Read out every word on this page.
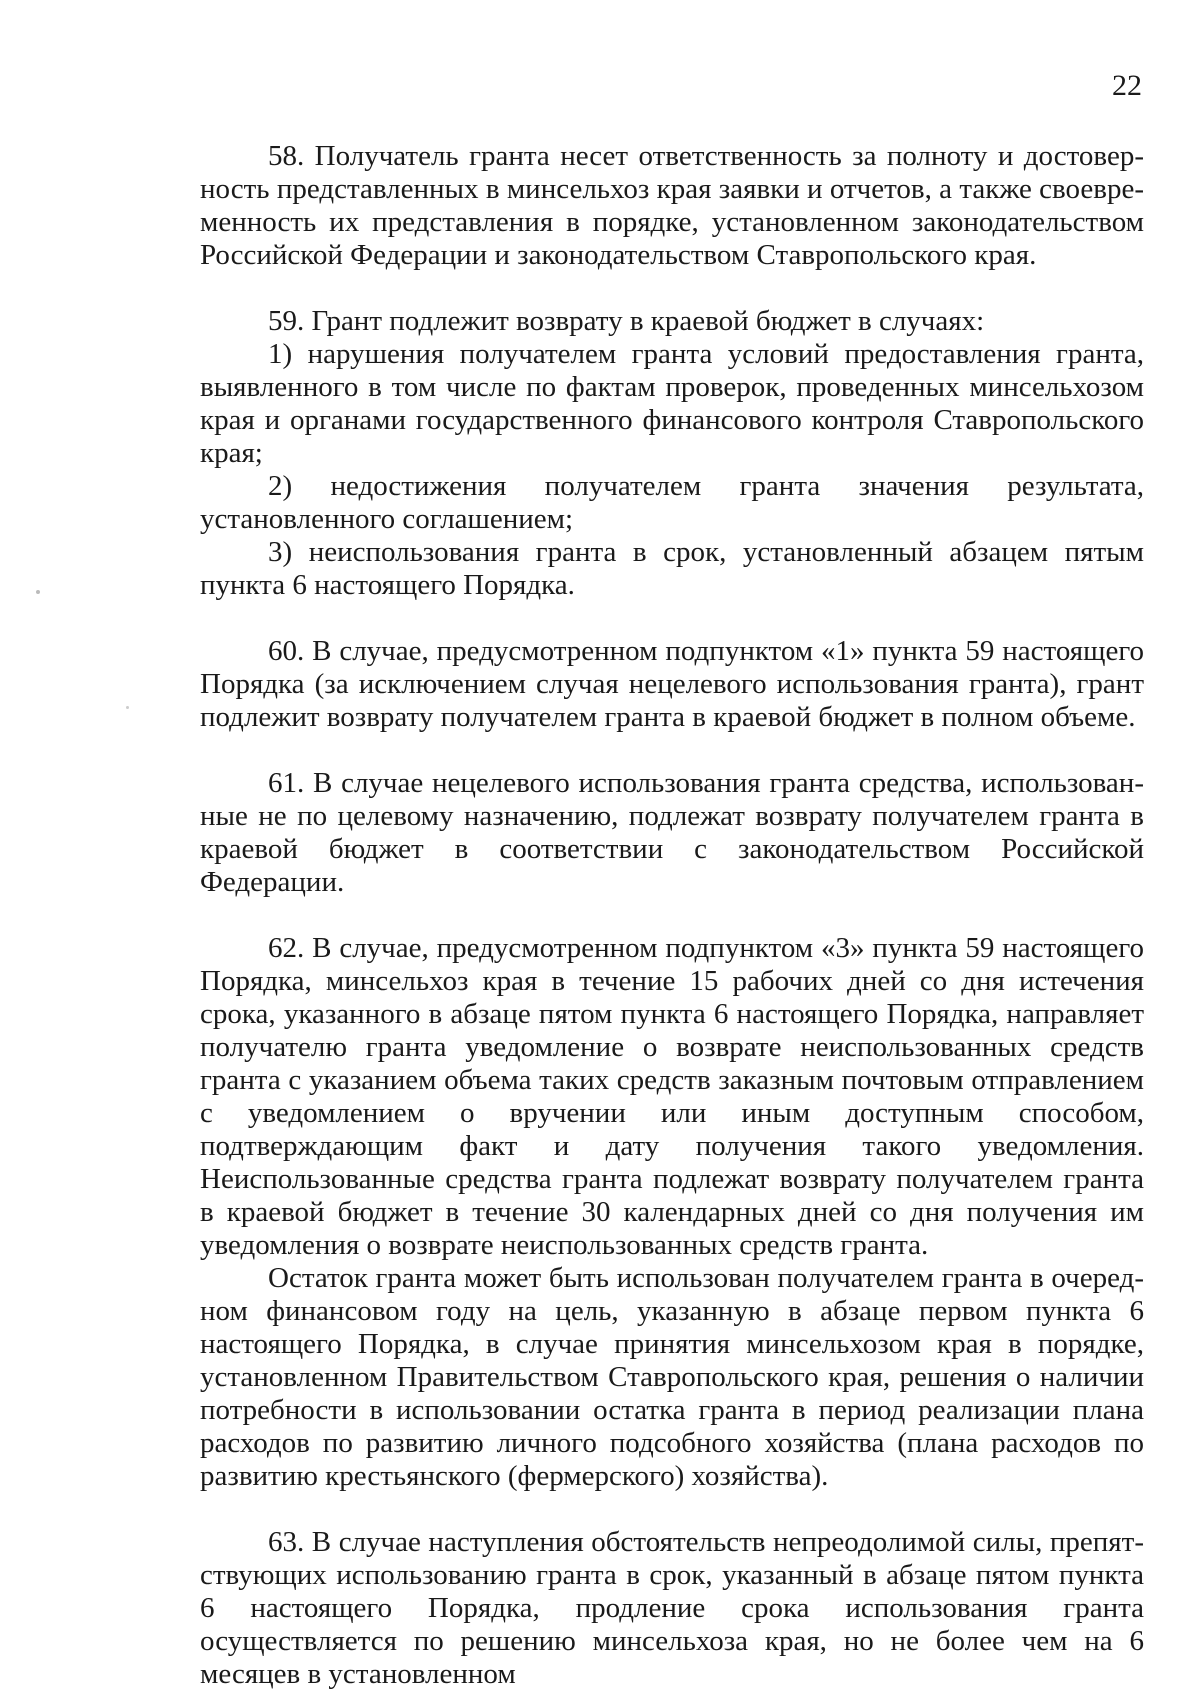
22

58. Получатель гранта несет ответственность за полноту и достоверность представленных в минсельхоз края заявки и отчетов, а также своевременность их представления в порядке, установленном законодательством Российской Федерации и законодательством Ставропольского края.

59. Грант подлежит возврату в краевой бюджет в случаях:

1) нарушения получателем гранта условий предоставления гранта, выявленного в том числе по фактам проверок, проведенных минсельхозом края и органами государственного финансового контроля Ставропольского края;

2) недостижения получателем гранта значения результата, установленного соглашением;

3) неиспользования гранта в срок, установленный абзацем пятым пункта 6 настоящего Порядка.

60. В случае, предусмотренном подпунктом «1» пункта 59 настоящего Порядка (за исключением случая нецелевого использования гранта), грант подлежит возврату получателем гранта в краевой бюджет в полном объеме.

61. В случае нецелевого использования гранта средства, использованные не по целевому назначению, подлежат возврату получателем гранта в краевой бюджет в соответствии с законодательством Российской Федерации.

62. В случае, предусмотренном подпунктом «3» пункта 59 настоящего Порядка, минсельхоз края в течение 15 рабочих дней со дня истечения срока, указанного в абзаце пятом пункта 6 настоящего Порядка, направляет получателю гранта уведомление о возврате неиспользованных средств гранта с указанием объема таких средств заказным почтовым отправлением с уведомлением о вручении или иным доступным способом, подтверждающим факт и дату получения такого уведомления. Неиспользованные средства гранта подлежат возврату получателем гранта в краевой бюджет в течение 30 календарных дней со дня получения им уведомления о возврате неиспользованных средств гранта.

Остаток гранта может быть использован получателем гранта в очередном финансовом году на цель, указанную в абзаце первом пункта 6 настоящего Порядка, в случае принятия минсельхозом края в порядке, установленном Правительством Ставропольского края, решения о наличии потребности в использовании остатка гранта в период реализации плана расходов по развитию личного подсобного хозяйства (плана расходов по развитию крестьянского (фермерского) хозяйства).

63. В случае наступления обстоятельств непреодолимой силы, препятствующих использованию гранта в срок, указанный в абзаце пятом пункта 6 настоящего Порядка, продление срока использования гранта осуществляется по решению минсельхоза края, но не более чем на 6 месяцев в установленном
